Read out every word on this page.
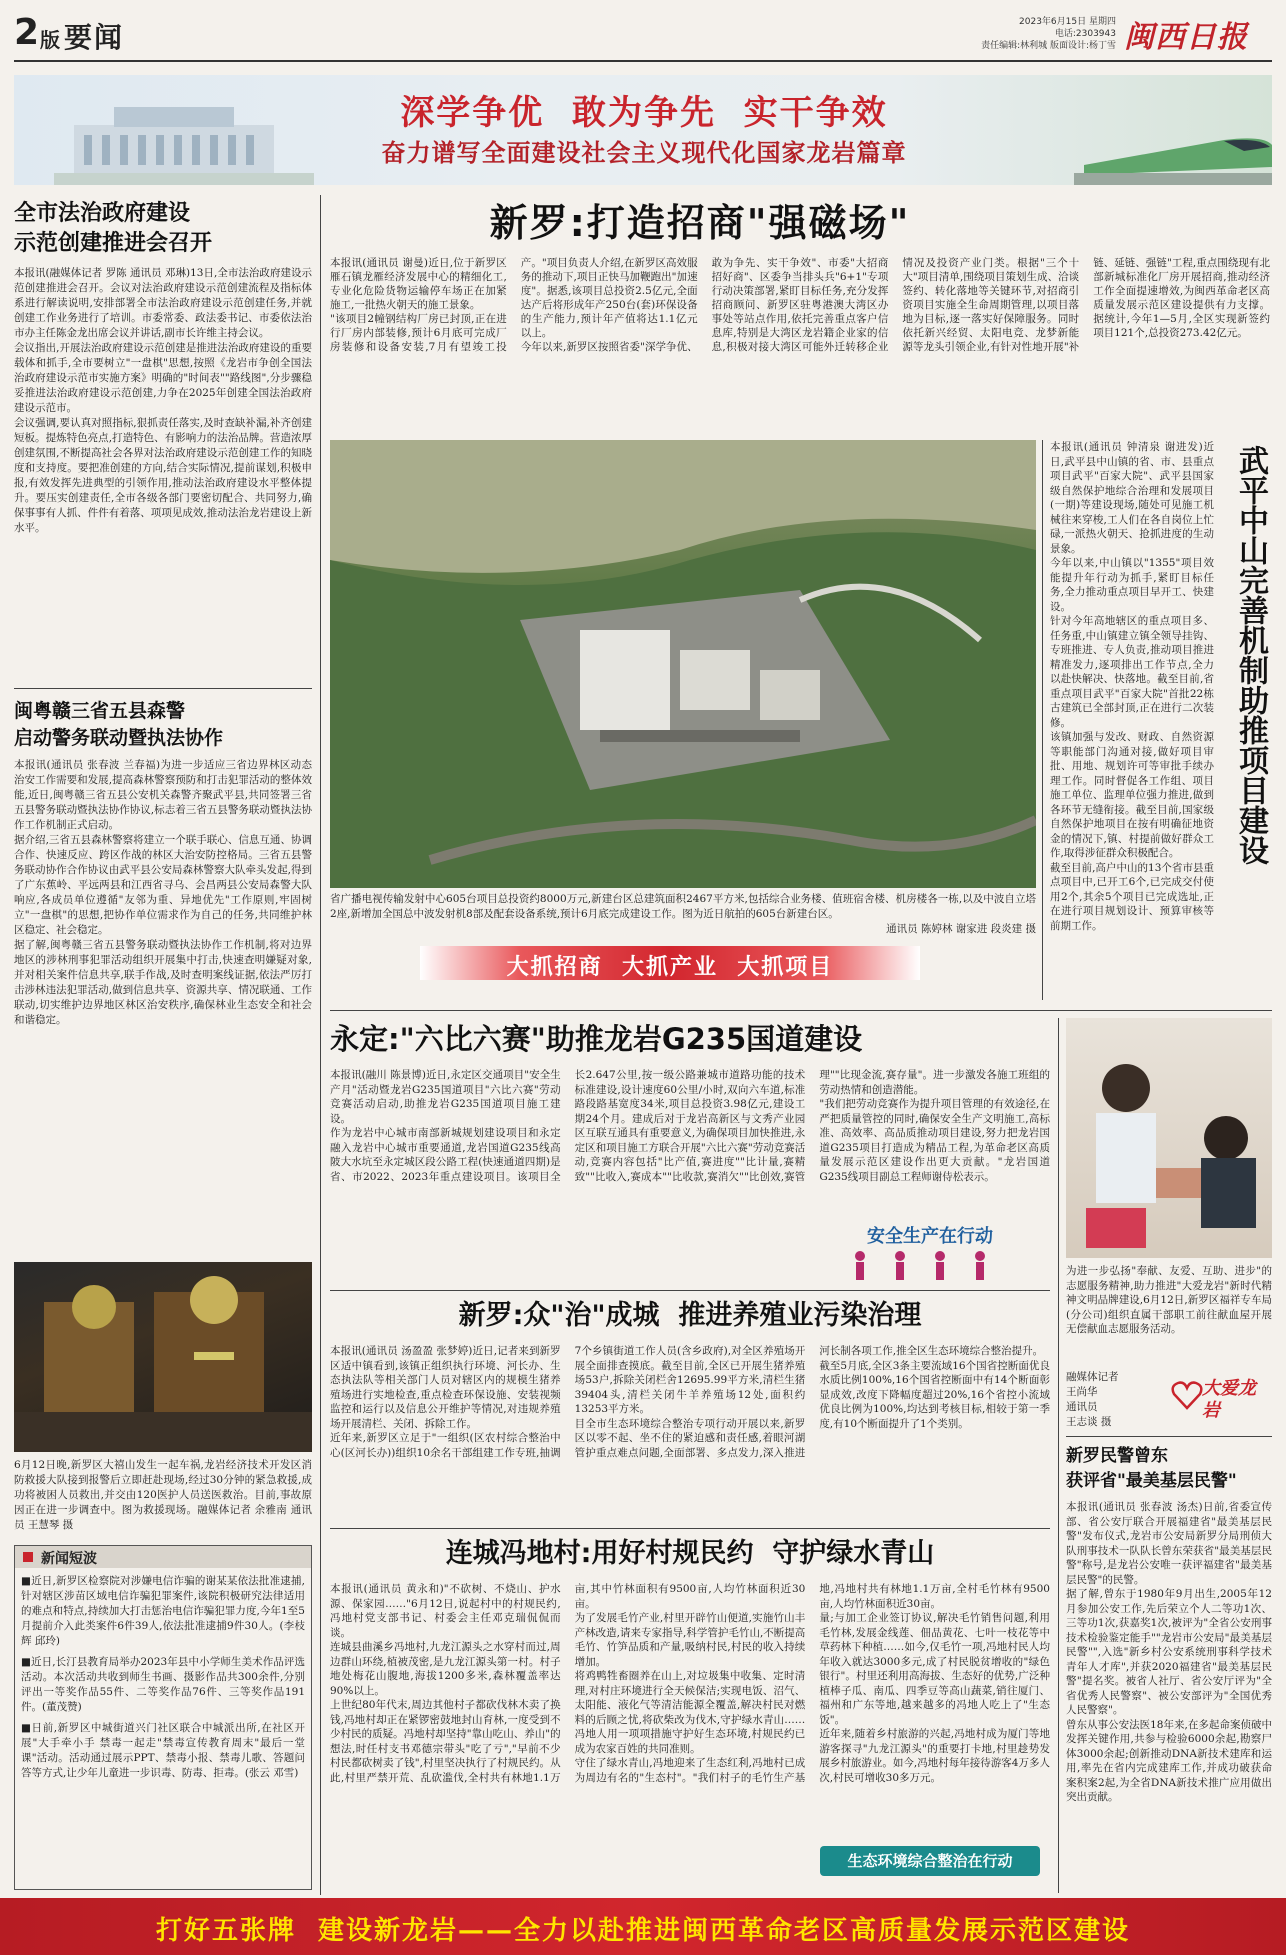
2 版 要闻	2023年6月15日 星期四
电话:2303943
责任编辑:林利城 版面设计:杨丁雪 闽西日报
深学争优  敢为争先  实干争效
奋力谱写全面建设社会主义现代化国家龙岩篇章
全市法治政府建设
示范创建推进会召开
本报讯(融媒体记者 罗陈 通讯员 邓琳)13日,全市法治政府建设示范创建推进会召开。会议对法治政府建设示范创建流程及指标体系进行解读说明,安排部署全市法治政府建设示范创建任务,并就创建工作业务进行了培训。市委常委、政法委书记、市委依法治市办主任陈金龙出席会议并讲话,副市长许维主持会议。
会议指出,开展法治政府建设示范创建是推进法治政府建设的重要载体和抓手,全市要树立"一盘棋"思想,按照《龙岩市争创全国法治政府建设示范市实施方案》明确的"时间表""路线图",分步骤稳妥推进法治政府建设示范创建,力争在2025年创建全国法治政府建设示范市。
会议强调,要认真对照指标,狠抓责任落实,及时查缺补漏,补齐创建短板。提炼特色亮点,打造特色、有影响力的法治品牌。营造浓厚创建氛围,不断提高社会各界对法治政府建设示范创建工作的知晓度和支持度。要把准创建的方向,结合实际情况,提前谋划,积极申报,有效发挥先进典型的引领作用,推动法治政府建设水平整体提升。要压实创建责任,全市各级各部门要密切配合、共同努力,确保事事有人抓、件件有着落、项项见成效,推动法治龙岩建设上新水平。
闽粤赣三省五县森警
启动警务联动暨执法协作
本报讯(通讯员 张春波 兰春福)为进一步适应三省边界林区动态治安工作需要和发展,提高森林警察预防和打击犯罪活动的整体效能,近日,闽粤赣三省五县公安机关森警齐聚武平县,共同签署三省五县警务联动暨执法协作协议,标志着三省五县警务联动暨执法协作工作机制正式启动。
据介绍,三省五县森林警察将建立一个联手联心、信息互通、协调合作、快速反应、跨区作战的林区大治安防控格局。三省五县警务联动协作合作协议由武平县公安局森林警察大队牵头发起,得到了广东蕉岭、平远两县和江西省寻乌、会昌两县公安局森警大队响应,各成员单位遵循"友邻为重、异地优先"工作原则,牢固树立"一盘棋"的思想,把协作单位需求作为自己的任务,共同维护林区稳定、社会稳定。
据了解,闽粤赣三省五县警务联动暨执法协作工作机制,将对边界地区的涉林刑事犯罪活动组织开展集中打击,快速查明嫌疑对象,并对相关案件信息共享,联手作战,及时查明案线证据,依法严厉打击涉林违法犯罪活动,做到信息共享、资源共享、情况联通、工作联动,切实维护边界地区林区治安秩序,确保林业生态安全和社会和谐稳定。
6月12日晚,新罗区大禧山发生一起车祸,龙岩经济技术开发区消防救援大队接到报警后立即赶赴现场,经过30分钟的紧急救援,成功将被困人员救出,并交由120医护人员送医救治。目前,事故原因正在进一步调查中。图为救援现场。融媒体记者 余雅南 通讯员 王慧琴 摄
新闻短波
■近日,新罗区检察院对涉嫌电信诈骗的谢某某依法批准逮捕,针对辖区涉苗区域电信诈骗犯罪案件,该院积极研究法律适用的难点和特点,持续加大打击惩治电信诈骗犯罪力度,今年1至5月提前介入此类案件6件39人,依法批准逮捕9件30人。(李枝辉 邱玲)
■近日,长汀县教育局举办2023年县中小学师生美术作品评选活动。本次活动共收到师生书画、摄影作品共300余件,分别评出一等奖作品55件、二等奖作品76件、三等奖作品191件。(董茂赞)
■日前,新罗区中城街道兴门社区联合中城派出所,在社区开展"大手牵小手 禁毒一起走"禁毒宣传教育周末"最后一堂课"活动。活动通过展示PPT、禁毒小报、禁毒儿歌、答题问答等方式,让少年儿童进一步识毒、防毒、拒毒。(张云 邓雪)
新罗:打造招商"强磁场"
本报讯(通讯员 谢曼)近日,位于新罗区雁石镇龙雁经济发展中心的精细化工,专业化危险货物运输停车场正在加紧施工,一批热火朝天的施工景象。
"该项目2幢钢结构厂房已封顶,正在进行厂房内部装修,预计6月底可完成厂房装修和设备安装,7月有望竣工投产。"项目负责人介绍,在新罗区高效服务的推动下,项目正快马加鞭跑出"加速度"。据悉,该项目总投资2.5亿元,全面达产后将形成年产250台(套)环保设备的生产能力,预计年产值将达1.1亿元以上。
今年以来,新罗区按照省委"深学争优、敢为争先、实干争效"、市委"大招商招好商"、区委争当排头兵"6+1"专项行动决策部署,紧盯目标任务,充分发挥招商顾问、新罗区驻粤港澳大湾区办事处等站点作用,依托完善重点客户信息库,特别是大湾区龙岩籍企业家的信息,积极对接大湾区可能外迁转移企业情况及投资产业门类。根据"三个十大"项目清单,围绕项目策划生成、洽谈签约、转化落地等关键环节,对招商引资项目实施全生命周期管理,以项目落地为目标,逐一落实好保障服务。同时依托新兴经贸、太阳电竞、龙梦新能源等龙头引领企业,有针对性地开展"补链、延链、强链"工程,重点围绕现有北部新城标准化厂房开展招商,推动经济工作全面提速增效,为闽西革命老区高质量发展示范区建设提供有力支撑。据统计,今年1—5月,全区实现新签约项目121个,总投资273.42亿元。
省广播电视传输发射中心605台项目总投资约8000万元,新建台区总建筑面积2467平方米,包括综合业务楼、值班宿舍楼、机房楼各一栋,以及中波自立塔2座,新增加全国总中波发射机8部及配套设备系统,预计6月底完成建设工作。图为近日航拍的605台新建台区。
通讯员 陈婷林 谢家进 段炎建 摄
大抓招商  大抓产业  大抓项目
本报讯(通讯员 钟清泉 谢进发)近日,武平县中山镇的省、市、县重点项目武平"百家大院"、武平县国家级自然保护地综合治理和发展项目(一期)等建设现场,随处可见施工机械往来穿梭,工人们在各自岗位上忙碌,一派热火朝天、抢抓进度的生动景象。
今年以来,中山镇以"1355"项目效能提升年行动为抓手,紧盯目标任务,全力推动重点项目早开工、快建设。
针对今年高地辖区的重点项目多、任务重,中山镇建立镇全领导挂钩、专班推进、专人负责,推动项目推进精准发力,逐项排出工作节点,全力以赴快解决、快落地。截至目前,省重点项目武平"百家大院"首批22栋古建筑已全部封顶,正在进行二次装修。
该镇加强与发改、财政、自然资源等职能部门沟通对接,做好项目审批、用地、规划许可等审批手续办理工作。同时督促各工作组、项目施工单位、监理单位强力推进,做到各环节无缝衔接。截至目前,国家级自然保护地项目在按有明确征地资金的情况下,镇、村提前做好群众工作,取得涉征群众积极配合。
截至目前,高户中山的13个省市县重点项目中,已开工6个,已完成交付使用2个,其余5个项目已完成选址,正在进行项目规划设计、预算审核等前期工作。
武平中山完善机制助推项目建设
永定:"六比六赛"助推龙岩G235国道建设
本报讯(融川 陈景博)近日,永定区交通项目"安全生产月"活动暨龙岩G235国道项目"六比六赛"劳动竞赛活动启动,助推龙岩G235国道项目施工建设。
作为龙岩中心城市南部新城规划建设项目和永定融入龙岩中心城市重要通道,龙岩国道G235线高陂大水坑至永定城区段公路工程(快速通道四期)是省、市2022、2023年重点建设项目。该项目全长2.647公里,按一级公路兼城市道路功能的技术标准建设,设计速度60公里/小时,双向六车道,标准路段路基宽度34米,项目总投资3.98亿元,建设工期24个月。建成后对于龙岩高新区与文秀产业园区互联互通具有重要意义,为确保项目加快推进,永定区和项目施工方联合开展"六比六赛"劳动竞赛活动,竞赛内容包括"比产值,赛进度""比计量,赛精致""比收入,赛成本""比收款,赛消欠""比创效,赛管理""比现金流,赛存量"。进一步激发各施工班组的劳动热情和创造潜能。
"我们把劳动竞赛作为提升项目管理的有效途径,在严把质量管控的同时,确保安全生产文明施工,高标准、高效率、高品质推动项目建设,努力把龙岩国道G235项目打造成为精品工程,为革命老区高质量发展示范区建设作出更大贡献。"龙岩国道G235线项目副总工程师谢侍松表示。
安全生产在行动
新罗:众"治"成城  推进养殖业污染治理
本报讯(通讯员 汤盈盈 张梦婷)近日,记者来到新罗区适中镇看到,该镇正组织执行环境、河长办、生态执法队等相关部门人员对辖区内的规模生猪养殖场进行实地检查,重点检查环保设施、安装视频监控和运行以及信息公开维护等情况,对违规养殖场开展清栏、关闭、拆除工作。
近年来,新罗区立足于"一组织(区农村综合整治中心(区河长办))组织10余名干部组建工作专班,抽调7个乡镇街道工作人员(含乡政府),对全区养殖场开展全面排查摸底。截至目前,全区已开展生猪养殖场53户,拆除关闭栏舍12695.99平方米,清栏生猪39404头,清栏关闭牛羊养殖场12处,面积约13253平方米。
目全市生态环境综合整治专项行动开展以来,新罗区以零不起、坐不住的紧迫感和责任感,着眼河湖管护重点难点问题,全面部署、多点发力,深入推进河长制各项工作,推全区生态环境综合整治提升。
截至5月底,全区3条主要流域16个国省控断面优良水质比例100%,16个国省控断面中有14个断面彰显成效,改度下降幅度超过20%,16个省控小流域优良比例为100%,均达到考核目标,相较于第一季度,有10个断面提升了1个类别。
连城冯地村:用好村规民约  守护绿水青山
本报讯(通讯员 黄永和)"不砍树、不烧山、护水源、保家园……"6月12日,说起村中的村规民约,冯地村党支部书记、村委会主任邓克瑞侃侃而谈。
连城县曲溪乡冯地村,九龙江源头之水穿村而过,周边群山环绕,植被茂密,是九龙江源头第一村。村子地处梅花山腹地,海拔1200多米,森林覆盖率达90%以上。
上世纪80年代末,周边其他村子都砍伐林木卖了换钱,冯地村却正在紧锣密鼓地封山育林,一度受到不少村民的质疑。冯地村却坚持"靠山吃山、养山"的想法,时任村支书邓德宗带头"吃了亏","早前不少村民都砍树卖了钱",村里坚决执行了村规民约。从此,村里严禁开荒、乱砍滥伐,全村共有林地1.1万亩,其中竹林面积有9500亩,人均竹林面积近30亩。
为了发展毛竹产业,村里开辟竹山便道,实施竹山丰产林改造,请来专家指导,科学管护毛竹山,不断提高毛竹、竹笋品质和产量,吸纳村民,村民的收入持续增加。
将鸡鸭牲畜圈养在山上,对垃圾集中收集、定时清理,对村庄环境进行全天候保洁;实现电饭、沼气、太阳能、液化气等清洁能源全覆盖,解决村民对燃料的后顾之忧,将砍柴改为伐木,守护绿水青山……冯地人用一项项措施守护好生态环境,村规民约已成为农家百姓的共同准则。
守住了绿水青山,冯地迎来了生态红利,冯地村已成为周边有名的"生态村"。"我们村子的毛竹生产基地,冯地村共有林地1.1万亩,全村毛竹林有9500亩,人均竹林面积近30亩。
量;与加工企业签订协议,解决毛竹销售问题,利用毛竹林,发展金线莲、佃品黄花、七叶一枝花等中草药林下种植……如今,仅毛竹一项,冯地村民人均年收入就达3000多元,成了村民脱贫增收的"绿色银行"。村里还利用高海拔、生态好的优势,广泛种植棒子瓜、南瓜、四季豆等高山蔬菜,销往厦门、福州和广东等地,越来越多的冯地人吃上了"生态饭"。
近年来,随着乡村旅游的兴起,冯地村成为厦门等地游客探寻"九龙江源头"的重要打卡地,村里趁势发展乡村旅游业。如今,冯地村每年接待游客4万多人次,村民可增收30多万元。
生态环境综合整治在行动
为进一步弘扬"奉献、友爱、互助、进步"的志愿服务精神,助力推进"大爱龙岩"新时代精神文明品牌建设,6月12日,新罗区福祥专车局(分公司)组织直属干部职工前往献血屋开展无偿献血志愿服务活动。
融媒体记者
王尚华
通讯员
王志谈 摄
大爱龙岩
新罗民警曾东
获评省"最美基层民警"
本报讯(通讯员 张春波 汤杰)日前,省委宣传部、省公安厅联合开展福建省"最美基层民警"发布仪式,龙岩市公安局新罗分局刑侦大队刑事技术一队队长曾东荣获省"最美基层民警"称号,是龙岩公安唯一获评福建省"最美基层民警"的民警。
据了解,曾东于1980年9月出生,2005年12月参加公安工作,先后荣立个人二等功1次、三等功1次,获嘉奖1次,被评为"全省公安刑事技术检验鉴定能手""龙岩市公安局"最美基层民警"",入选"新乡村公安系统刑事科学技术青年人才库",并获2020福建省"最美基层民警"提名奖。被省人社厅、省公安厅评为"全省优秀人民警察"、被公安部评为"全国优秀人民警察"。
曾东从事公安法医18年来,在多起命案侦破中发挥关键作用,共参与检验6000余起,勘察尸体3000余起;创新推动DNA新技术建库和运用,率先在省内完成建库工作,并成功破获命案积案2起,为全省DNA新技术推广应用做出突出贡献。
打好五张牌  建设新龙岩——全力以赴推进闽西革命老区高质量发展示范区建设
